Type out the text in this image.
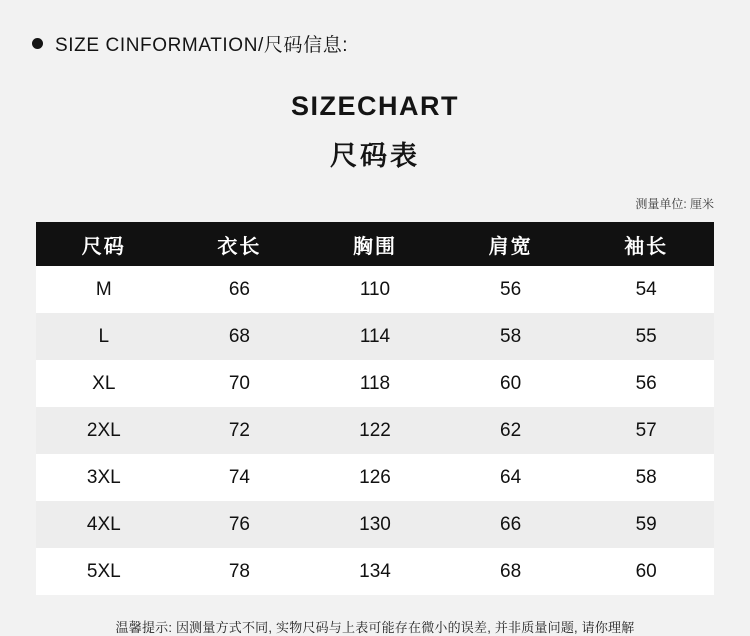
SIZE CINFORMATION/尺码信息:
SIZECHART
尺码表
测量单位: 厘米
尺码	衣长	胸围	肩宽	袖长
M	66	110	56	54
L	68	114	58	55
XL	70	118	60	56
2XL	72	122	62	57
3XL	74	126	64	58
4XL	76	130	66	59
5XL	78	134	68	60
温馨提示: 因测量方式不同, 实物尺码与上表可能存在微小的误差, 并非质量问题, 请你理解
